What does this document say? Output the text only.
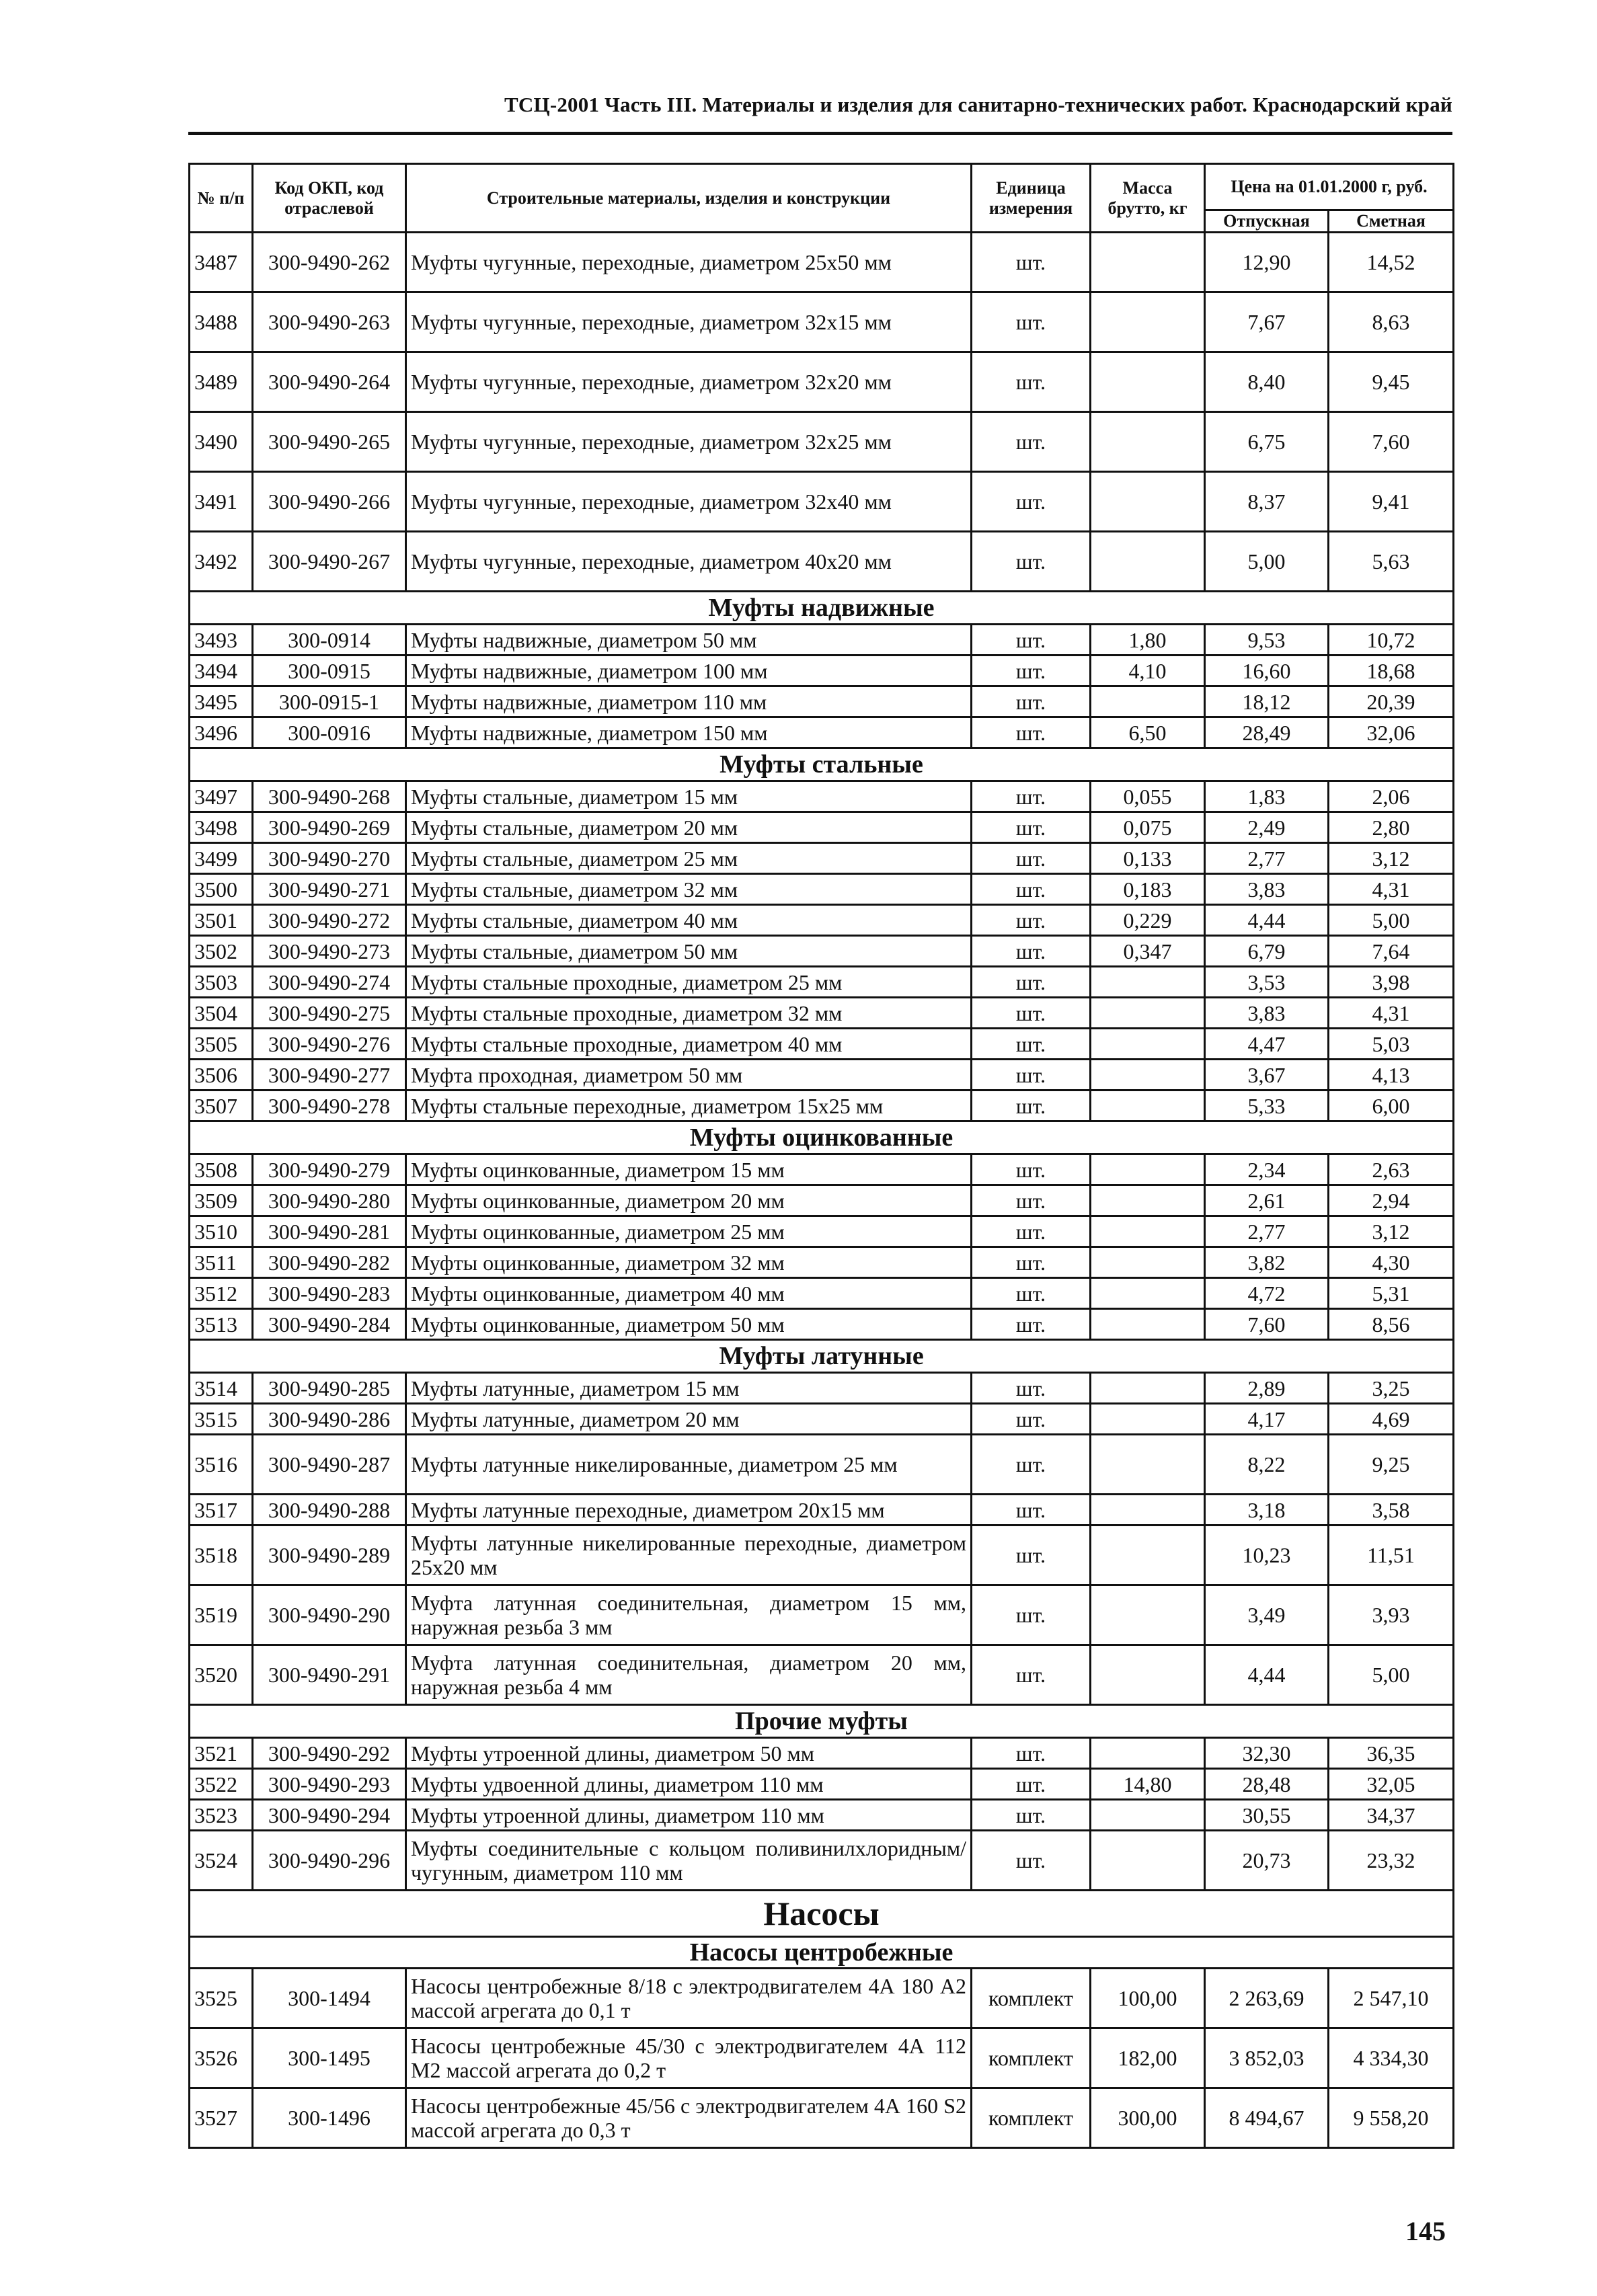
ТСЦ-2001 Часть III. Материалы и изделия для санитарно-технических работ. Краснодарский край
№ п/п	Код ОКП, код отраслевой	Строительные материалы, изделия и конструкции	Единица измерения	Масса брутто, кг	Цена на 01.01.2000 г, руб.	
					Отпускная	Сметная
3487	300-9490-262	Муфты чугунные, переходные, диаметром 25х50 мм	шт.		12,90	14,52
3488	300-9490-263	Муфты чугунные, переходные, диаметром 32х15 мм	шт.		7,67	8,63
3489	300-9490-264	Муфты чугунные, переходные, диаметром 32х20 мм	шт.		8,40	9,45
3490	300-9490-265	Муфты чугунные, переходные, диаметром 32х25 мм	шт.		6,75	7,60
3491	300-9490-266	Муфты чугунные, переходные, диаметром 32х40 мм	шт.		8,37	9,41
3492	300-9490-267	Муфты чугунные, переходные, диаметром 40х20 мм	шт.		5,00	5,63
Муфты надвижные						
3493	300-0914	Муфты надвижные, диаметром 50 мм	шт.	1,80	9,53	10,72
3494	300-0915	Муфты надвижные, диаметром 100 мм	шт.	4,10	16,60	18,68
3495	300-0915-1	Муфты надвижные, диаметром 110 мм	шт.		18,12	20,39
3496	300-0916	Муфты надвижные, диаметром 150 мм	шт.	6,50	28,49	32,06
Муфты стальные						
3497	300-9490-268	Муфты стальные, диаметром 15 мм	шт.	0,055	1,83	2,06
3498	300-9490-269	Муфты стальные, диаметром 20 мм	шт.	0,075	2,49	2,80
3499	300-9490-270	Муфты стальные, диаметром 25 мм	шт.	0,133	2,77	3,12
3500	300-9490-271	Муфты стальные, диаметром 32 мм	шт.	0,183	3,83	4,31
3501	300-9490-272	Муфты стальные, диаметром 40 мм	шт.	0,229	4,44	5,00
3502	300-9490-273	Муфты стальные, диаметром 50 мм	шт.	0,347	6,79	7,64
3503	300-9490-274	Муфты стальные проходные, диаметром 25 мм	шт.		3,53	3,98
3504	300-9490-275	Муфты стальные проходные, диаметром 32 мм	шт.		3,83	4,31
3505	300-9490-276	Муфты стальные проходные, диаметром 40 мм	шт.		4,47	5,03
3506	300-9490-277	Муфта проходная, диаметром 50 мм	шт.		3,67	4,13
3507	300-9490-278	Муфты стальные переходные, диаметром 15х25 мм	шт.		5,33	6,00
Муфты оцинкованные						
3508	300-9490-279	Муфты оцинкованные, диаметром 15 мм	шт.		2,34	2,63
3509	300-9490-280	Муфты оцинкованные, диаметром 20 мм	шт.		2,61	2,94
3510	300-9490-281	Муфты оцинкованные, диаметром 25 мм	шт.		2,77	3,12
3511	300-9490-282	Муфты оцинкованные, диаметром 32 мм	шт.		3,82	4,30
3512	300-9490-283	Муфты оцинкованные, диаметром 40 мм	шт.		4,72	5,31
3513	300-9490-284	Муфты оцинкованные, диаметром 50 мм	шт.		7,60	8,56
Муфты латунные						
3514	300-9490-285	Муфты латунные, диаметром 15 мм	шт.		2,89	3,25
3515	300-9490-286	Муфты латунные, диаметром 20 мм	шт.		4,17	4,69
3516	300-9490-287	Муфты латунные никелированные, диаметром 25 мм	шт.		8,22	9,25
3517	300-9490-288	Муфты латунные переходные, диаметром 20х15 мм	шт.		3,18	3,58
3518	300-9490-289	Муфты латунные никелированные переходные, диаметром 25х20 мм	шт.		10,23	11,51
3519	300-9490-290	Муфта латунная соединительная, диаметром 15 мм, наружная резьба 3 мм	шт.		3,49	3,93
3520	300-9490-291	Муфта латунная соединительная, диаметром 20 мм, наружная резьба 4 мм	шт.		4,44	5,00
Прочие муфты						
3521	300-9490-292	Муфты утроенной длины, диаметром 50 мм	шт.		32,30	36,35
3522	300-9490-293	Муфты удвоенной длины, диаметром 110 мм	шт.	14,80	28,48	32,05
3523	300-9490-294	Муфты утроенной длины, диаметром 110 мм	шт.		30,55	34,37
3524	300-9490-296	Муфты соединительные с кольцом поливинилхлоридным/чугунным, диаметром 110 мм	шт.		20,73	23,32
Насосы						
Насосы центробежные						
3525	300-1494	Насосы центробежные 8/18 с электродвигателем 4А 180 А2 массой агрегата до 0,1 т	комплект	100,00	2 263,69	2 547,10
3526	300-1495	Насосы центробежные 45/30 с электродвигателем 4А 112 М2 массой агрегата до 0,2 т	комплект	182,00	3 852,03	4 334,30
3527	300-1496	Насосы центробежные 45/56 с электродвигателем 4А 160 S2 массой агрегата до 0,3 т	комплект	300,00	8 494,67	9 558,20
145
